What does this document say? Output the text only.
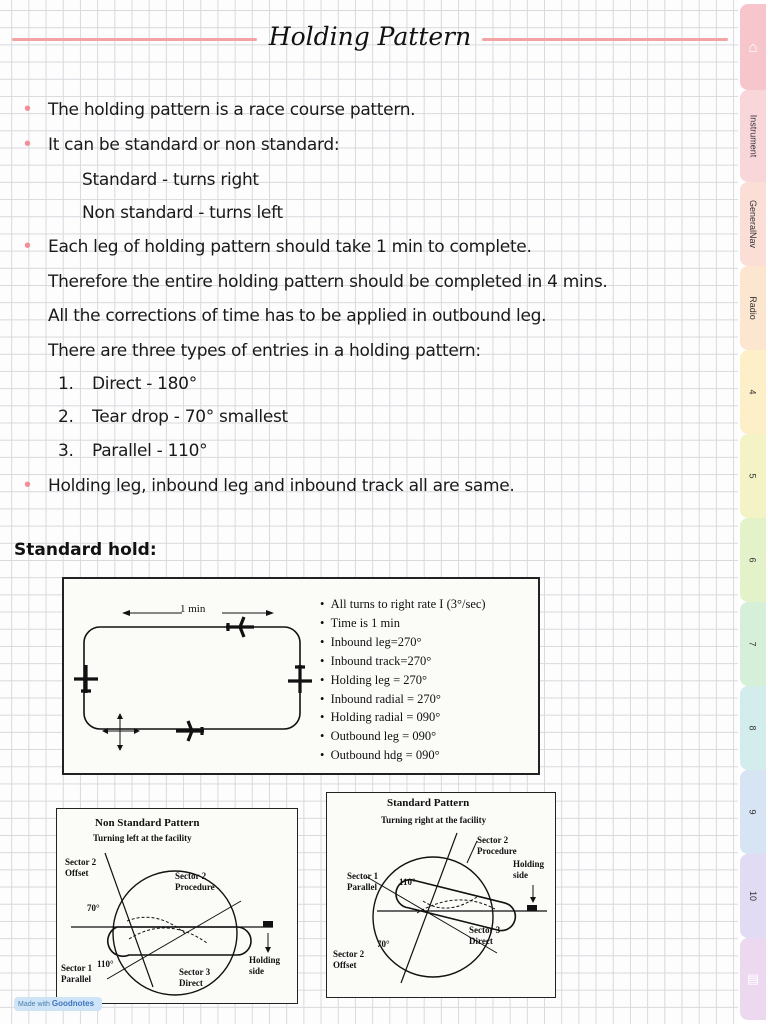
Holding Pattern
• The holding pattern is a race course pattern.
• It can be standard or non standard:
Standard - turns right
Non standard - turns left
• Each leg of holding pattern should take 1 min to complete.
Therefore the entire holding pattern should be completed in 4 mins.
All the corrections of time has to be applied in outbound leg.
There are three types of entries in a holding pattern:
1. Direct - 180°
2. Tear drop - 70° smallest
3. Parallel - 110°
• Holding leg, inbound leg and inbound track all are same.
Standard hold:
1 min	•  All turns to right rate I (3°/sec)
•  Time is 1 min
•  Inbound leg=270°
•  Inbound track=270°
•  Holding leg = 270°
•  Inbound radial = 270°
•  Holding radial = 090°
•  Outbound leg = 090°
•  Outbound hdg = 090°
Non Standard Pattern
Turning left at the facility
Sector 2
Offset	Sector 2
Procedure
70°
110°
Sector 1
Parallel
Sector 3
Direct
Holding
side
Standard Pattern
Turning right at the facility
Sector 2
Procedure
Holding
side
Sector 1
Parallel 110°
Sector 3
Direct
70°
Sector 2
Offset
Made with Goodnotes
⌂
Instrument
GeneralNav
Radio
4
5
6
7
8
9
10
▤
